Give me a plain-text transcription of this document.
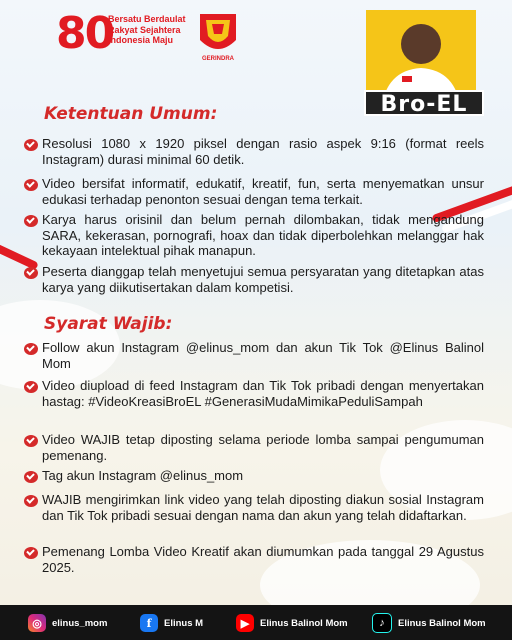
80
Bersatu Berdaulat
Rakyat Sejahtera
Indonesia Maju
GERINDRA
Bro-EL
Ketentuan Umum:
Resolusi 1080 x 1920 piksel dengan rasio aspek 9:16 (format reels Instagram) durasi minimal 60 detik.
Video bersifat informatif, edukatif, kreatif, fun, serta menyematkan unsur edukasi terhadap penonton sesuai dengan tema terkait.
Karya harus orisinil dan belum pernah dilombakan, tidak mengandung SARA, kekerasan, pornografi, hoax dan tidak diperbolehkan melanggar hak kekayaan intelektual pihak manapun.
Peserta dianggap telah menyetujui semua persyaratan yang ditetapkan atas karya yang diikutisertakan dalam kompetisi.
Syarat Wajib:
Follow akun Instagram @elinus_mom dan akun Tik Tok @Elinus Balinol Mom
Video diupload di feed Instagram dan Tik Tok pribadi dengan menyertakan hastag: #VideoKreasiBroEL #GenerasiMudaMimikaPeduliSampah
Video WAJIB tetap diposting selama periode lomba sampai pengumuman pemenang.
Tag akun Instagram @elinus_mom
WAJIB mengirimkan link video yang telah diposting diakun sosial Instagram dan Tik Tok pribadi sesuai dengan nama dan akun yang telah didaftarkan.
Pemenang Lomba Video Kreatif akan diumumkan pada tanggal 29 Agustus 2025.
◎	elinus_mom	f	Elinus M	▶	Elinus Balinol Mom	♪	Elinus Balinol Mom
